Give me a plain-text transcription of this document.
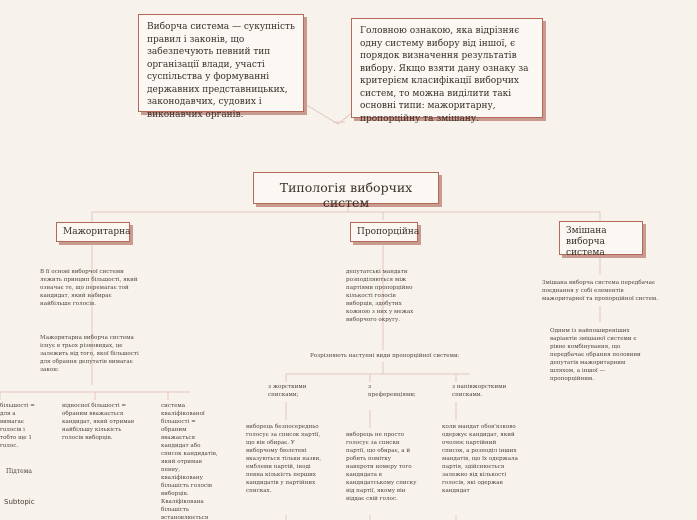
Виборча система — сукупність правил і законів, що забезпечують певний тип організації влади, участі суспільства у формуванні державних представницьких, законодавчих, судових і виконавчих органів.
Головною ознакою, яка відрізняє одну систему вибору від іншої, є порядок визначення результатів вибору. Якщо взяти дану ознаку за критерієм класифікації виборчих систем, то можна виділити такі основні типи: мажоритарну, пропорційну та змішану.
Типологія виборчих систем
Мажоритарна
В її основі виборчої системи лежить принцип більшості, який означає те, що перемагає той кандидат, який набирає найбільше голосів.
Мажоритарна виборча система існує в трьох різновидах, це залежить від того, якої більшості для обрання депутатів вимагає закон:
більшості = для а вимагає голосів і тобто ще 1 голос.
відносної більшості = обраним вважається кандидат, який отримав найбільшу кількість голосів виборців.
система кваліфікованої більшості = обраним вважається кандидат або список кандидатів, який отримав певну, кваліфіковану більшість голосів виборців. Кваліфікована більшість встановлюється
Підтема
Subtopic
Пропорційна
депутатські мандати розподіляються між партіями пропорційно кількості голосів виборців, здобутих кожною з них у межах виборчого округу.
Розрізняють наступні види пропорційної системи:
з жорсткими списками;
з преференціями;
з напівжорсткими списками.
виборець безпосередньо голосує за список партії, що він обирає. У виборчому бюлетені вказуються тільки назви, емблеми партій, іноді певна кількість перших кандидатів у партійних списках.
виборець не просто голосує за списки партії, що обирає, а й робить помітку навпроти номеру того кандидата в кандидатському списку від партії, якому він віддає свій голос.
коли мандат обов'язково одержує кандидат, який очолює партійний список, а розподіл інших мандатів, що їх одержала партія, здійснюється залежно від кількості голосів, які одержав кандидат
Змішана виборча система
Змішана виборча система передбачає поєднання у собі елементів мажоритарної та пропорційної систем.
Одним із найпоширеніших варіантів змішаної системи є рівне комбінування, що передбачає обрання половини депутатів мажоритарним шляхом, а іншої — пропорційним.
